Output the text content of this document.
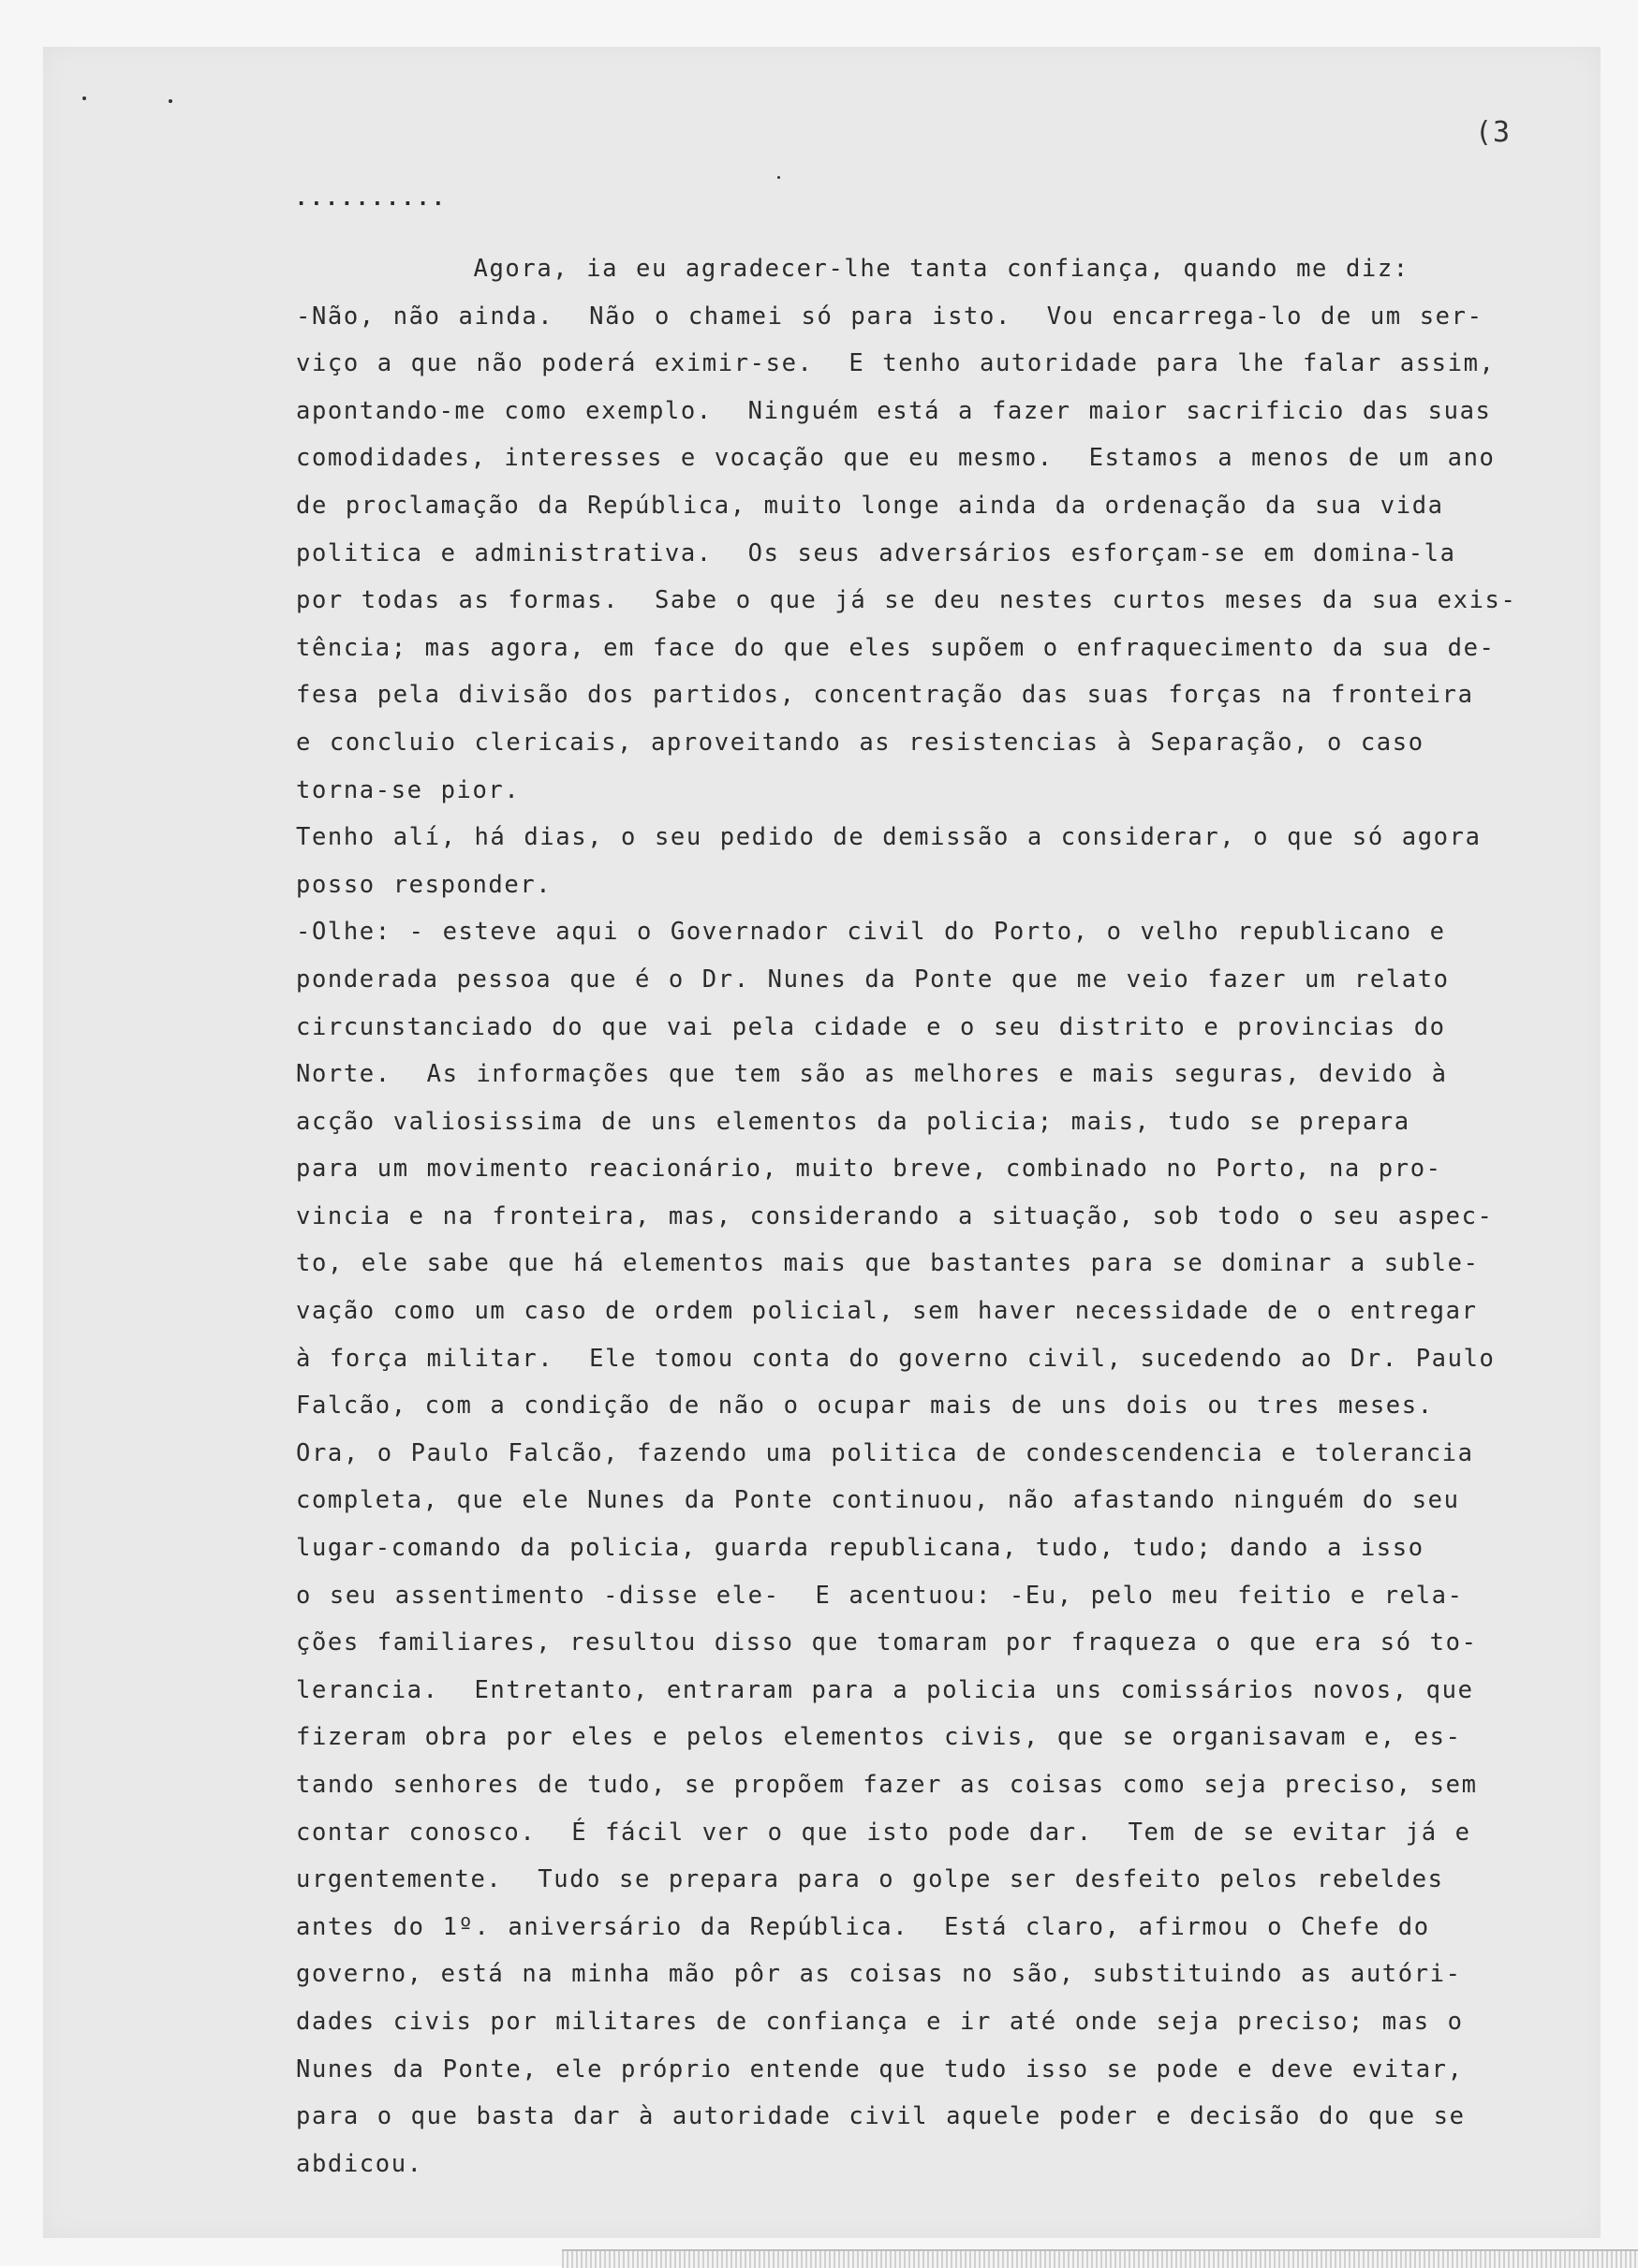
(3
..........
Agora, ia eu agradecer-lhe tanta confiança, quando me diz:
-Não, não ainda.  Não o chamei só para isto.  Vou encarrega-lo de um ser-
viço a que não poderá eximir-se.  E tenho autoridade para lhe falar assim,
apontando-me como exemplo.  Ninguém está a fazer maior sacrificio das suas
comodidades, interesses e vocação que eu mesmo.  Estamos a menos de um ano
de proclamação da República, muito longe ainda da ordenação da sua vida
politica e administrativa.  Os seus adversários esforçam-se em domina-la
por todas as formas.  Sabe o que já se deu nestes curtos meses da sua exis-
tência; mas agora, em face do que eles supõem o enfraquecimento da sua de-
fesa pela divisão dos partidos, concentração das suas forças na fronteira
e concluio clericais, aproveitando as resistencias à Separação, o caso
torna-se pior.
Tenho alí, há dias, o seu pedido de demissão a considerar, o que só agora
posso responder.
-Olhe: - esteve aqui o Governador civil do Porto, o velho republicano e
ponderada pessoa que é o Dr. Nunes da Ponte que me veio fazer um relato
circunstanciado do que vai pela cidade e o seu distrito e provincias do
Norte.  As informações que tem são as melhores e mais seguras, devido à
acção valiosissima de uns elementos da policia; mais, tudo se prepara
para um movimento reacionário, muito breve, combinado no Porto, na pro-
vincia e na fronteira, mas, considerando a situação, sob todo o seu aspec-
to, ele sabe que há elementos mais que bastantes para se dominar a suble-
vação como um caso de ordem policial, sem haver necessidade de o entregar
à força militar.  Ele tomou conta do governo civil, sucedendo ao Dr. Paulo
Falcão, com a condição de não o ocupar mais de uns dois ou tres meses.
Ora, o Paulo Falcão, fazendo uma politica de condescendencia e tolerancia
completa, que ele Nunes da Ponte continuou, não afastando ninguém do seu
lugar-comando da policia, guarda republicana, tudo, tudo; dando a isso
o seu assentimento -disse ele-  E acentuou: -Eu, pelo meu feitio e rela-
ções familiares, resultou disso que tomaram por fraqueza o que era só to-
lerancia.  Entretanto, entraram para a policia uns comissários novos, que
fizeram obra por eles e pelos elementos civis, que se organisavam e, es-
tando senhores de tudo, se propõem fazer as coisas como seja preciso, sem
contar conosco.  É fácil ver o que isto pode dar.  Tem de se evitar já e
urgentemente.  Tudo se prepara para o golpe ser desfeito pelos rebeldes
antes do 1º. aniversário da República.  Está claro, afirmou o Chefe do
governo, está na minha mão pôr as coisas no são, substituindo as autóri-
dades civis por militares de confiança e ir até onde seja preciso; mas o
Nunes da Ponte, ele próprio entende que tudo isso se pode e deve evitar,
para o que basta dar à autoridade civil aquele poder e decisão do que se
abdicou.
